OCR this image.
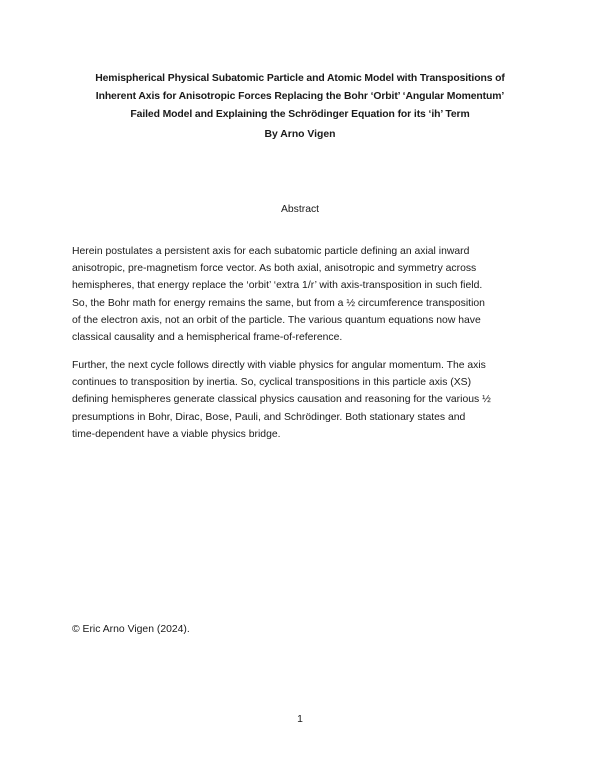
Hemispherical Physical Subatomic Particle and Atomic Model with Transpositions of
Inherent Axis for Anisotropic Forces Replacing the Bohr ‘Orbit’ ‘Angular Momentum’
Failed Model and Explaining the Schrödinger Equation for its ‘ih’ Term

By Arno Vigen

Abstract

Herein postulates a persistent axis for each subatomic particle defining an axial inward
anisotropic, pre-magnetism force vector. As both axial, anisotropic and symmetry across
hemispheres, that energy replace the ‘orbit’ ‘extra 1/r’ with axis-transposition in such field.
So, the Bohr math for energy remains the same, but from a ½ circumference transposition
of the electron axis, not an orbit of the particle. The various quantum equations now have
classical causality and a hemispherical frame-of-reference.
Further, the next cycle follows directly with viable physics for angular momentum. The axis
continues to transposition by inertia. So, cyclical transpositions in this particle axis (XS)
defining hemispheres generate classical physics causation and reasoning for the various ½
presumptions in Bohr, Dirac, Bose, Pauli, and Schrödinger. Both stationary states and
time-dependent have a viable physics bridge.

© Eric Arno Vigen (2024).

1
